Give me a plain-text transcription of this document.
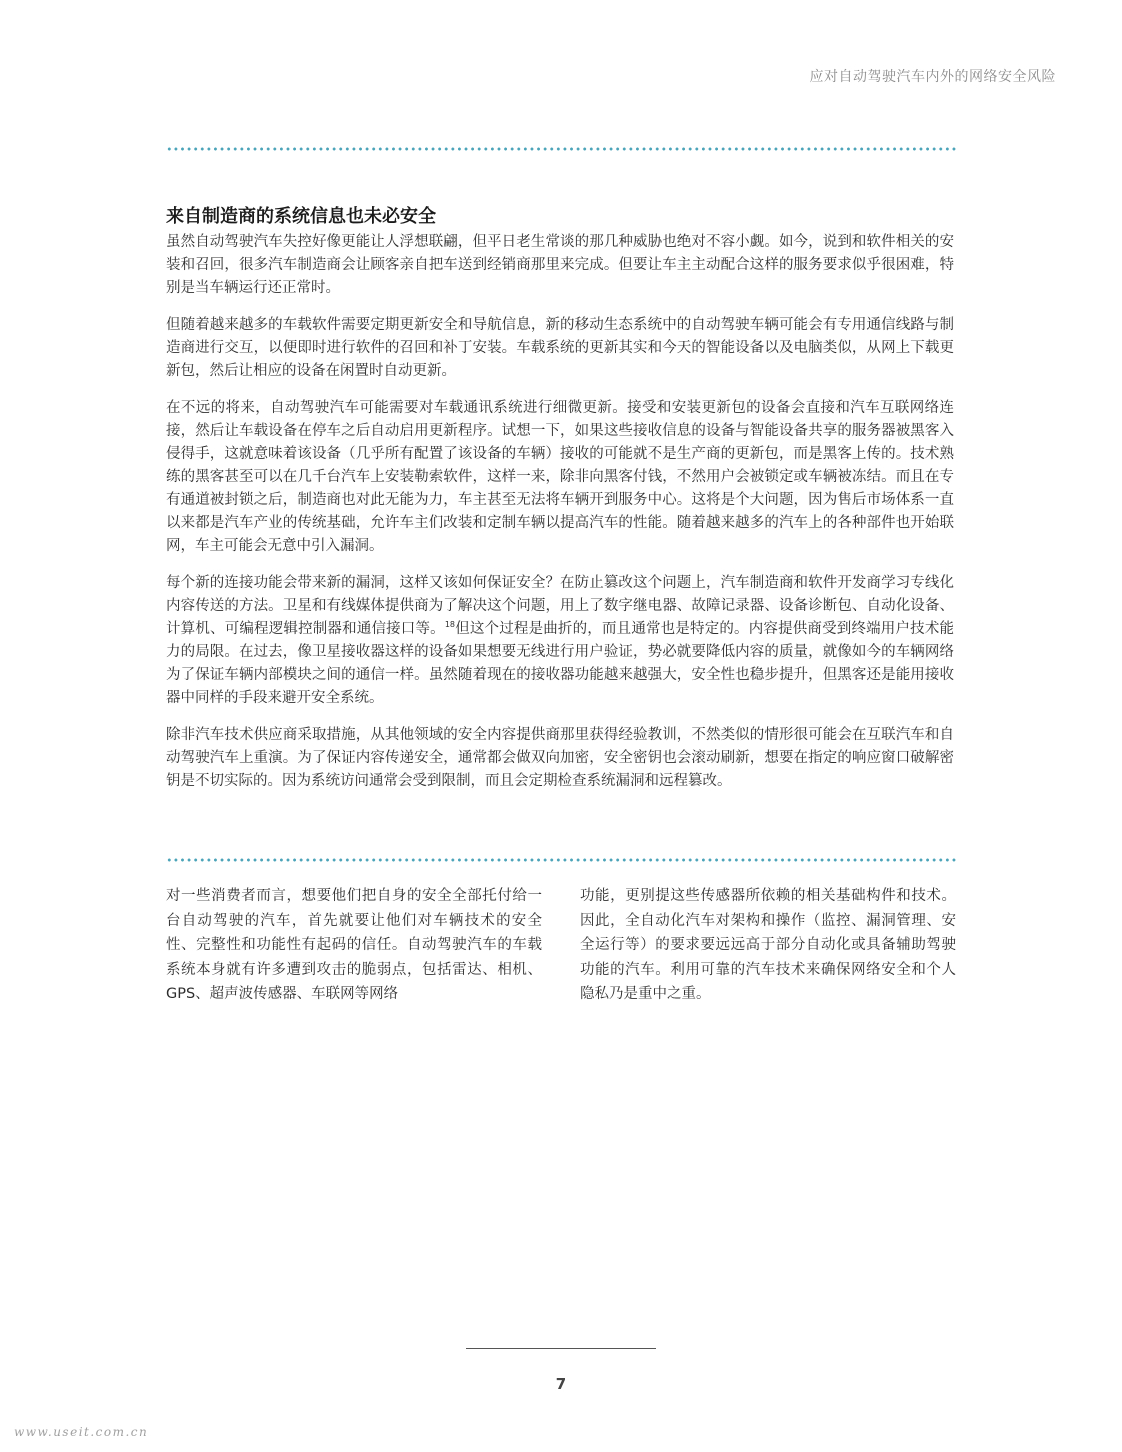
应对自动驾驶汽车内外的网络安全风险
来自制造商的系统信息也未必安全

虽然自动驾驶汽车失控好像更能让人浮想联翩，但平日老生常谈的那几种威胁也绝对不容小觑。如今，说到和软件相关的安装和召回，很多汽车制造商会让顾客亲自把车送到经销商那里来完成。但要让车主主动配合这样的服务要求似乎很困难，特别是当车辆运行还正常时。

但随着越来越多的车载软件需要定期更新安全和导航信息，新的移动生态系统中的自动驾驶车辆可能会有专用通信线路与制造商进行交互，以便即时进行软件的召回和补丁安装。车载系统的更新其实和今天的智能设备以及电脑类似，从网上下载更新包，然后让相应的设备在闲置时自动更新。

在不远的将来，自动驾驶汽车可能需要对车载通讯系统进行细微更新。接受和安装更新包的设备会直接和汽车互联网络连接，然后让车载设备在停车之后自动启用更新程序。试想一下，如果这些接收信息的设备与智能设备共享的服务器被黑客入侵得手，这就意味着该设备（几乎所有配置了该设备的车辆）接收的可能就不是生产商的更新包，而是黑客上传的。技术熟练的黑客甚至可以在几千台汽车上安装勒索软件，这样一来，除非向黑客付钱，不然用户会被锁定或车辆被冻结。而且在专有通道被封锁之后，制造商也对此无能为力，车主甚至无法将车辆开到服务中心。这将是个大问题，因为售后市场体系一直以来都是汽车产业的传统基础，允许车主们改装和定制车辆以提高汽车的性能。随着越来越多的汽车上的各种部件也开始联网，车主可能会无意中引入漏洞。

每个新的连接功能会带来新的漏洞，这样又该如何保证安全？在防止篡改这个问题上，汽车制造商和软件开发商学习专线化内容传送的方法。卫星和有线媒体提供商为了解决这个问题，用上了数字继电器、故障记录器、设备诊断包、自动化设备、计算机、可编程逻辑控制器和通信接口等。$^{18}$但这个过程是曲折的，而且通常也是特定的。内容提供商受到终端用户技术能力的局限。在过去，像卫星接收器这样的设备如果想要无线进行用户验证，势必就要降低内容的质量，就像如今的车辆网络为了保证车辆内部模块之间的通信一样。虽然随着现在的接收器功能越来越强大，安全性也稳步提升，但黑客还是能用接收器中同样的手段来避开安全系统。

除非汽车技术供应商采取措施，从其他领域的安全内容提供商那里获得经验教训，不然类似的情形很可能会在互联汽车和自动驾驶汽车上重演。为了保证内容传递安全，通常都会做双向加密，安全密钥也会滚动刷新，想要在指定的响应窗口破解密钥是不切实际的。因为系统访问通常会受到限制，而且会定期检查系统漏洞和远程篡改。

对一些消费者而言，想要他们把自身的安全全部托付给一台自动驾驶的汽车，首先就要让他们对车辆技术的安全性、完整性和功能性有起码的信任。自动驾驶汽车的车载系统本身就有许多遭到攻击的脆弱点，包括雷达、相机、GPS、超声波传感器、车联网等网络

功能，更别提这些传感器所依赖的相关基础构件和技术。因此，全自动化汽车对架构和操作（监控、漏洞管理、安全运行等）的要求要远远高于部分自动化或具备辅助驾驶功能的汽车。利用可靠的汽车技术来确保网络安全和个人隐私乃是重中之重。

7
www.useit.com.cn
